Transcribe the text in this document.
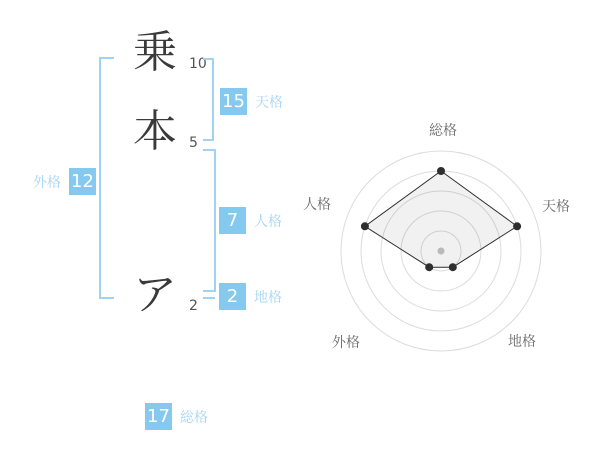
乗 10
本 5
ア 2
外格 12
15 天格
7	人格
2	地格
17 総格
総格
天格
地格
外格
人格
